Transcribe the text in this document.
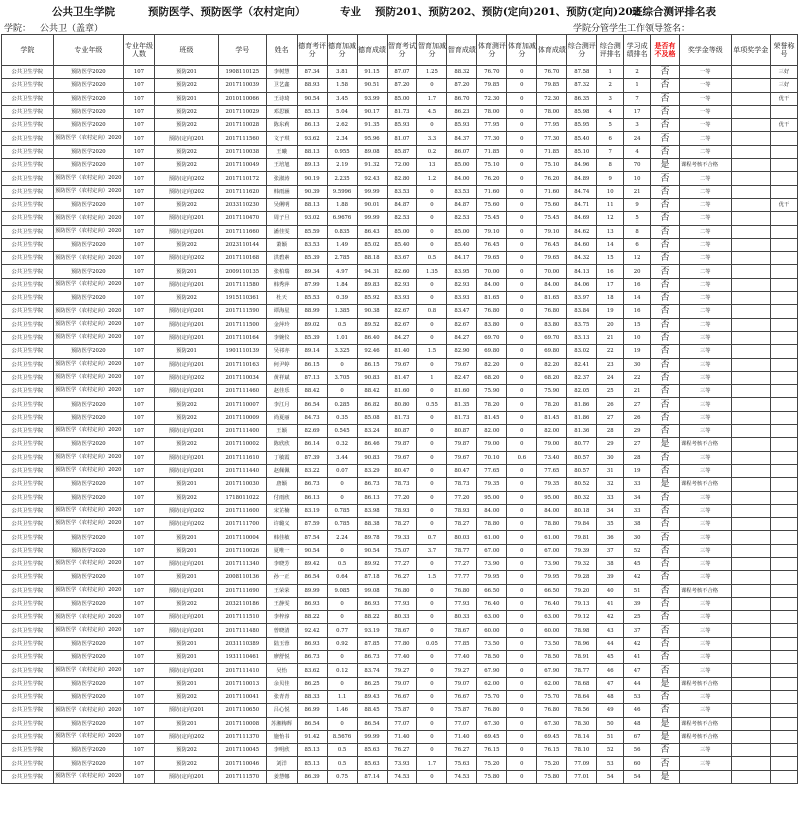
公共卫生学院	预防医学、预防医学（农村定向）	专业 预防201、预防202、预防(定向)201、预防(定向)202
班综合测评排名表
学院： 公共卫（盖章）	学院分管学生工作领导签名：
学院	专业年级	专业年级人数	班级	学号	姓名	德育考评分	德育加减分	德育成绩	智育考试分	智育加减分	智育成绩	体育测评分	体育加减分	体育成绩	综合测评分	综合测评排名	学习成绩排名	是否有不及格	奖学金等级	单项奖学金	荣誉称号
公共卫生学院	预防医学2020	107	预防201	1908110125	李树慧	87.34	3.81	91.15	87.07	1.25	88.32	76.70	0	76.70	87.58	1	2	否	一等		三好
公共卫生学院	预防医学2020	107	预防202	2017110039	卫艺鑫	88.93	1.58	90.51	87.20	0	87.20	79.85	0	79.85	87.32	2	1	否	一等		三好
公共卫生学院	预防医学2020	107	预防201	2010110066	王诗琦	90.54	3.45	93.99	85.00	1.7	86.70	72.30	0	72.30	86.35	3	7	否	一等		优干
公共卫生学院	预防医学2020	107	预防202	2017110029	邓思颖	85.13	5.04	90.17	81.73	4.5	86.23	78.00	0	78.00	85.98	4	17	否	一等		
公共卫生学院	预防医学2020	107	预防202	2017110028	陈东莉	86.13	2.62	91.35	85.93	0	85.93	77.95	0	77.95	85.95	5	3	否	一等		优干
公共卫生学院	预防医学（农村定向）2020	107	预防(定向)201	2017111560	文子琪	93.62	2.34	95.96	81.07	3.3	84.37	77.30	0	77.30	85.40	6	24	否	二等		
公共卫生学院	预防医学2020	107	预防202	2017110038	王曦	88.13	0.955	89.08	85.87	0.2	86.07	71.85	0	71.85	85.10	7	4	否	二等		
公共卫生学院	预防医学2020	107	预防202	2017110049	王培旭	89.13	2.19	91.32	72.00	13	85.00	75.10	0	75.10	84.96	8	70	是	课程考核不合格		
公共卫生学院	预防医学（农村定向）2020	107	预防(定向)202	2017110172	张淑涛	90.19	2.235	92.43	82.80	1.2	84.00	76.20	0	76.20	84.89	9	10	否	二等		
公共卫生学院	预防医学（农村定向）2020	107	预防(定向)202	2017111620	韩雨涵	90.39	9.5996	99.99	83.53	0	83.53	71.60	0	71.60	84.74	10	21	否	二等		
公共卫生学院	预防医学2020	107	预防202	2033110230	吴俐明	88.13	1.88	90.01	84.87	0	84.87	75.60	0	75.60	84.71	11	9	否	二等		优干
公共卫生学院	预防医学（农村定向）2020	107	预防(定向)201	2017110470	周子旦	93.02	6.9676	99.99	82.53	0	82.53	75.45	0	75.45	84.69	12	5	否	二等		
公共卫生学院	预防医学（农村定向）2020	107	预防(定向)201	2017111660	潘佳雯	85.59	0.835	86.43	85.00	0	85.00	79.10	0	79.10	84.62	13	8	否	二等		
公共卫生学院	预防医学2020	107	预防202	2023110144	萧颖	83.53	1.49	85.02	85.40	0	85.40	76.45	0	76.45	84.60	14	6	否	二等		
公共卫生学院	预防医学（农村定向）2020	107	预防(定向)202	2017110168	洪碧素	85.39	2.785	88.18	83.67	0.5	84.17	79.65	0	79.65	84.32	15	12	否	二等		
公共卫生学院	预防医学2020	107	预防201	2009110135	张柏瑞	89.34	4.97	94.31	82.60	1.35	83.95	70.00	0	70.00	84.13	16	20	否	二等		
公共卫生学院	预防医学（农村定向）2020	107	预防(定向)201	2017111580	韩秀萍	87.99	1.84	89.83	82.93	0	82.93	84.00	0	84.00	84.06	17	16	否	二等		
公共卫生学院	预防医学2020	107	预防202	1915110361	杜天	85.53	0.39	85.92	83.93	0	83.93	81.65	0	81.65	83.97	18	14	否	二等		
公共卫生学院	预防医学（农村定向）2020	107	预防(定向)201	2017111590	谭海星	88.99	1.385	90.38	82.67	0.8	83.47	76.80	0	76.80	83.84	19	16	否	二等		
公共卫生学院	预防医学（农村定向）2020	107	预防(定向)201	2017111500	金萍玲	89.02	0.5	89.52	82.67	0	82.67	83.80	0	83.80	83.75	20	15	否	二等		
公共卫生学院	预防医学（农村定向）2020	107	预防(定向)201	2017110164	李婉仪	85.39	1.01	86.40	84.27	0	84.27	69.70	0	69.70	83.13	21	10	否	三等		
公共卫生学院	预防医学2020	107	预防201	1901110139	吴祁亦	89.14	3.325	92.46	81.40	1.5	82.90	69.80	0	69.80	83.02	22	19	否	三等		
公共卫生学院	预防医学（农村定向）2020	107	预防(定向)201	2017110163	何尹婷	86.15	0	86.15	79.67	0	79.67	82.20	0	82.20	82.41	23	30	否	三等		
公共卫生学院	预防医学（农村定向）2020	107	预防(定向)202	2017110034	黄祥斌	87.13	3.705	90.83	81.47	1	82.47	68.20	0	68.20	82.37	24	22	否	三等		
公共卫生学院	预防医学（农村定向）2020	107	预防(定向)201	2017111460	赵佳乐	88.42	0	88.42	81.60	0	81.60	75.90	0	75.90	82.05	25	21	否	三等		
公共卫生学院	预防医学2020	107	预防202	2017110007	李江月	86.54	0.285	86.82	80.80	0.55	81.35	78.20	0	78.20	81.86	26	27	否	三等		
公共卫生学院	预防医学2020	107	预防202	2017110009	尚夏丽	84.73	0.35	85.08	81.73	0	81.73	81.45	0	81.45	81.86	27	26	否	三等		
公共卫生学院	预防医学（农村定向）2020	107	预防(定向)201	2017111400	王颖	82.69	0.545	83.24	80.87	0	80.87	82.00	0	82.00	81.36	28	29	否	三等		
公共卫生学院	预防医学2020	107	预防202	2017110002	陈欣欣	86.14	0.32	86.46	79.87	0	79.87	79.00	0	79.00	80.77	29	27	是	课程考核不合格		
公共卫生学院	预防医学（农村定向）2020	107	预防(定向)201	2017111610	丁敏霞	87.39	3.44	90.83	79.67	0	79.67	70.10	0.6	73.40	80.57	30	28	否	三等		
公共卫生学院	预防医学（农村定向）2020	107	预防(定向)201	2017111440	赵佩佩	83.22	0.07	83.29	80.47	0	80.47	77.65	0	77.65	80.57	31	19	否	三等		
公共卫生学院	预防医学2020	107	预防201	2017110030	唐颖	86.73	0	86.73	78.73	0	78.73	79.35	0	79.35	80.52	32	33	是	课程考核不合格		
公共卫生学院	预防医学2020	107	预防202	1718011022	付雨欣	86.13	0	86.13	77.20	0	77.20	95.00	0	95.00	80.32	33	34	否	三等		
公共卫生学院	预防医学（农村定向）2020	107	预防(定向)202	2017111600	宋芷楠	83.19	0.785	83.98	78.93	0	78.93	84.00	0	84.00	80.18	34	33	否	三等		
公共卫生学院	预防医学（农村定向）2020	107	预防(定向)202	2017111700	许璐义	87.59	0.785	88.38	78.27	0	78.27	78.80	0	78.80	79.84	35	38	否	三等		
公共卫生学院	预防医学2020	107	预防201	2017110004	韩佳敏	87.54	2.24	89.78	79.33	0.7	80.03	61.00	0	61.00	79.81	36	30	否	三等		
公共卫生学院	预防医学2020	107	预防201	2017110026	夏唯一	90.54	0	90.54	75.07	3.7	78.77	67.00	0	67.00	79.39	37	52	否	三等		
公共卫生学院	预防医学（农村定向）2020	107	预防(定向)201	2017111340	李晓芳	89.42	0.5	89.92	77.27	0	77.27	73.90	0	73.90	79.32	38	45	否	三等		
公共卫生学院	预防医学2020	107	预防201	2008110136	孙一正	86.54	0.64	87.18	76.27	1.5	77.77	79.95	0	79.95	79.28	39	42	否	三等		
公共卫生学院	预防医学（农村定向）2020	107	预防(定向)201	2017111690	王荣荣	89.99	9.085	99.08	76.80	0	76.80	66.50	0	66.50	79.20	40	51	否	课程考核不合格		
公共卫生学院	预防医学2020	107	预防202	2032110186	王静雯	86.93	0	86.93	77.93	0	77.93	76.40	0	76.40	79.13	41	39	否	三等		
公共卫生学院	预防医学（农村定向）2020	107	预防(定向)201	2017111510	李梓淳	88.22	0	88.22	80.33	0	80.33	63.00	0	63.00	79.12	42	25	否	三等		
公共卫生学院	预防医学（农村定向）2020	107	预防(定向)201	2017111480	曾晓清	92.42	0.77	93.19	78.67	0	78.67	60.00	0	60.00	78.98	43	37	否	三等		
公共卫生学院	预防医学2020	107	预防201	2031110389	陆玉蓉	86.93	0.92	87.85	77.80	0.05	77.85	73.50	0	73.50	78.96	44	42	否	三等		
公共卫生学院	预防医学2020	107	预防201	1931110461	廖舒悦	86.73	0	86.73	77.40	0	77.40	78.50	0	78.50	78.91	45	41	否	三等		
公共卫生学院	预防医学（农村定向）2020	107	预防(定向)201	2017111410	吴怡	83.62	0.12	83.74	79.27	0	79.27	67.90	0	67.90	78.77	46	47	否	三等		
公共卫生学院	预防医学2020	107	预防201	2017110013	余贝佳	86.25	0	86.25	79.07	0	79.07	62.00	0	62.00	78.68	47	44	是	课程考核不合格		
公共卫生学院	预防医学2020	107	预防202	2017110041	张青青	88.33	1.1	89.43	76.67	0	76.67	75.70	0	75.70	78.64	48	53	否	三等		
公共卫生学院	预防医学（农村定向）2020	107	预防(定向)201	2017110650	吕心悦	86.99	1.46	88.45	75.87	0	75.87	76.80	0	76.80	78.56	49	46	否	三等		
公共卫生学院	预防医学2020	107	预防201	2017110008	苏湘梅辉	86.54	0	86.54	77.07	0	77.07	67.30	0	67.30	78.30	50	48	是	课程考核不合格		
公共卫生学院	预防医学（农村定向）2020	107	预防(定向)202	2017111370	施怡书	91.42	8.5676	99.99	71.40	0	71.40	69.45	0	69.45	78.14	51	67	是	课程考核不合格		
公共卫生学院	预防医学2020	107	预防202	2017110045	李明欣	85.13	0.5	85.63	76.27	0	76.27	76.15	0	76.15	78.10	52	56	否	三等		
公共卫生学院	预防医学2020	107	预防202	2017110046	刘洋	85.13	0.5	85.63	73.93	1.7	75.63	75.20	0	75.20	77.09	53	60	否	三等		
公共卫生学院	预防医学（农村定向）2020	107	预防(定向)201	2017111570	姜慧娜	86.39	0.75	87.14	74.53	0	74.53	75.80	0	75.80	77.01	54	54	是			
